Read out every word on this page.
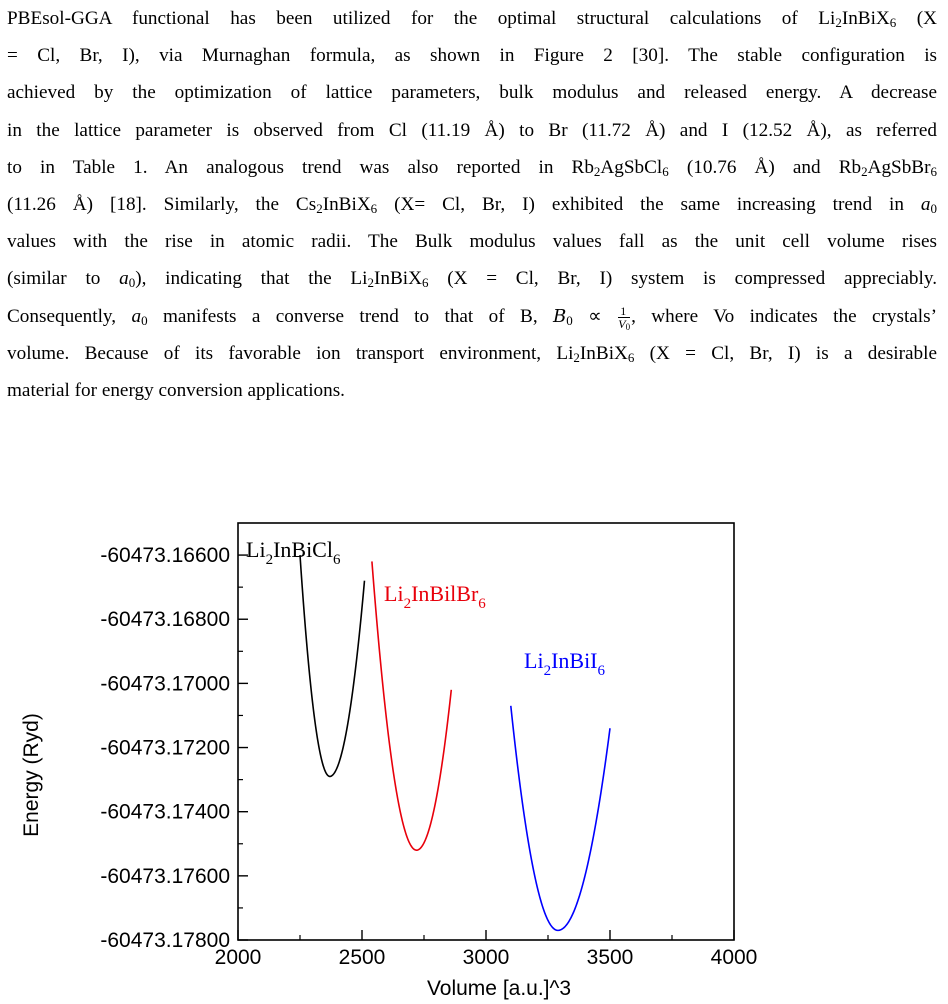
PBEsol-GGA functional has been utilized for the optimal structural calculations of $Li_2InBiX_6$ (X
= Cl, Br, I), via Murnaghan formula, as shown in Figure 2 [30]. The stable configuration is
achieved by the optimization of lattice parameters, bulk modulus and released energy. A decrease
in the lattice parameter is observed from Cl (11.19 Å) to Br (11.72 Å) and I (12.52 Å), as referred
to in Table 1. An analogous trend was also reported in $Rb_2AgSbCl_6$ (10.76 Å) and $Rb_2AgSbBr_6$
(11.26 Å) [18]. Similarly, the $Cs_2InBiX_6$ (X= Cl, Br, I) exhibited the same increasing trend in $a_0$
values with the rise in atomic radii. The Bulk modulus values fall as the unit cell volume rises
(similar to $a_0$), indicating that the $Li_2InBiX_6$ (X = Cl, Br, I) system is compressed appreciably.
Consequently, $a_0$ manifests a converse trend to that of B, $B_0 \propto \frac{1}{V_0}$ , where Vo indicates the crystals’
volume. Because of its favorable ion transport environment, $Li_2InBiX_6$ (X = Cl, Br, I) is a desirable
material for energy conversion applications.
-60473.16600
-60473.16800
-60473.17000
-60473.17200
-60473.17400
-60473.17600
-60473.17800
2000	2500	3000	3500	4000
$Li_2InBiCl_6$
$Li_2InBilBr_6$
$Li_2InBiI_6$
Volume [a.u.]^3
Energy (Ryd)
